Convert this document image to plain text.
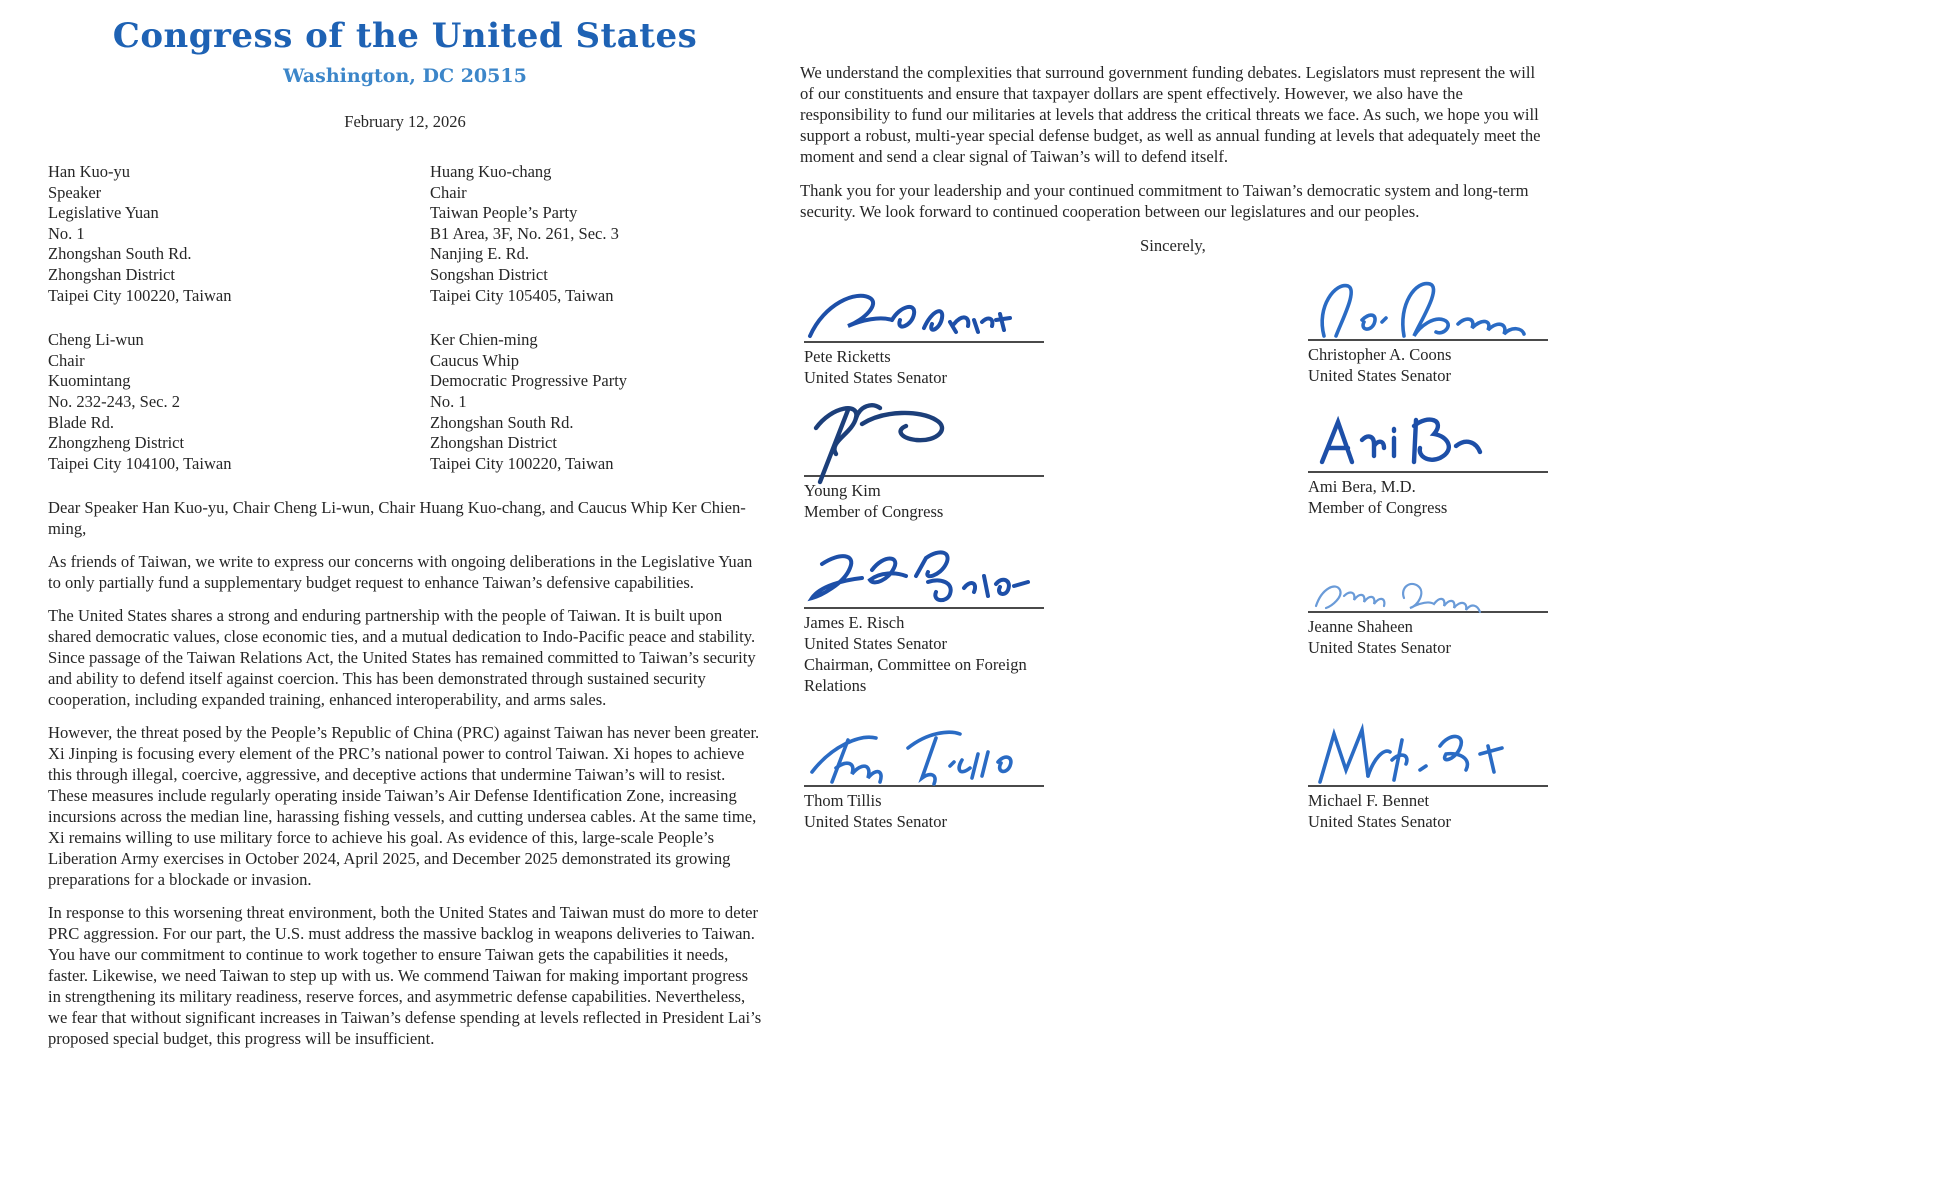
Congress of the United States
Washington, DC 20515
February 12, 2026
Han Kuo-yu
Speaker
Legislative Yuan
No. 1
Zhongshan South Rd.
Zhongshan District
Taipei City 100220, Taiwan
Huang Kuo-chang
Chair
Taiwan People’s Party
B1 Area, 3F, No. 261, Sec. 3
Nanjing E. Rd.
Songshan District
Taipei City 105405, Taiwan
Cheng Li-wun
Chair
Kuomintang
No. 232-243, Sec. 2
Blade Rd.
Zhongzheng District
Taipei City 104100, Taiwan
Ker Chien-ming
Caucus Whip
Democratic Progressive Party
No. 1
Zhongshan South Rd.
Zhongshan District
Taipei City 100220, Taiwan
Dear Speaker Han Kuo-yu, Chair Cheng Li-wun, Chair Huang Kuo-chang, and Caucus Whip Ker Chien-ming,

As friends of Taiwan, we write to express our concerns with ongoing deliberations in the Legislative Yuan to only partially fund a supplementary budget request to enhance Taiwan’s defensive capabilities.

The United States shares a strong and enduring partnership with the people of Taiwan. It is built upon shared democratic values, close economic ties, and a mutual dedication to Indo-Pacific peace and stability. Since passage of the Taiwan Relations Act, the United States has remained committed to Taiwan’s security and ability to defend itself against coercion. This has been demonstrated through sustained security cooperation, including expanded training, enhanced interoperability, and arms sales.

However, the threat posed by the People’s Republic of China (PRC) against Taiwan has never been greater. Xi Jinping is focusing every element of the PRC’s national power to control Taiwan. Xi hopes to achieve this through illegal, coercive, aggressive, and deceptive actions that undermine Taiwan’s will to resist. These measures include regularly operating inside Taiwan’s Air Defense Identification Zone, increasing incursions across the median line, harassing fishing vessels, and cutting undersea cables. At the same time, Xi remains willing to use military force to achieve his goal. As evidence of this, large-scale People’s Liberation Army exercises in October 2024, April 2025, and December 2025 demonstrated its growing preparations for a blockade or invasion.

In response to this worsening threat environment, both the United States and Taiwan must do more to deter PRC aggression. For our part, the U.S. must address the massive backlog in weapons deliveries to Taiwan. You have our commitment to continue to work together to ensure Taiwan gets the capabilities it needs, faster. Likewise, we need Taiwan to step up with us. We commend Taiwan for making important progress in strengthening its military readiness, reserve forces, and asymmetric defense capabilities. Nevertheless, we fear that without significant increases in Taiwan’s defense spending at levels reflected in President Lai’s proposed special budget, this progress will be insufficient.

We understand the complexities that surround government funding debates. Legislators must represent the will of our constituents and ensure that taxpayer dollars are spent effectively. However, we also have the responsibility to fund our militaries at levels that address the critical threats we face. As such, we hope you will support a robust, multi-year special defense budget, as well as annual funding at levels that adequately meet the moment and send a clear signal of Taiwan’s will to defend itself.

Thank you for your leadership and your continued commitment to Taiwan’s democratic system and long-term security. We look forward to continued cooperation between our legislatures and our peoples.

Sincerely,
Pete Ricketts
United States Senator
Christopher A. Coons
United States Senator
Young Kim
Member of Congress
Ami Bera, M.D.
Member of Congress
James E. Risch
United States Senator
Chairman, Committee on Foreign
Relations
Jeanne Shaheen
United States Senator
Thom Tillis
United States Senator
Michael F. Bennet
United States Senator
